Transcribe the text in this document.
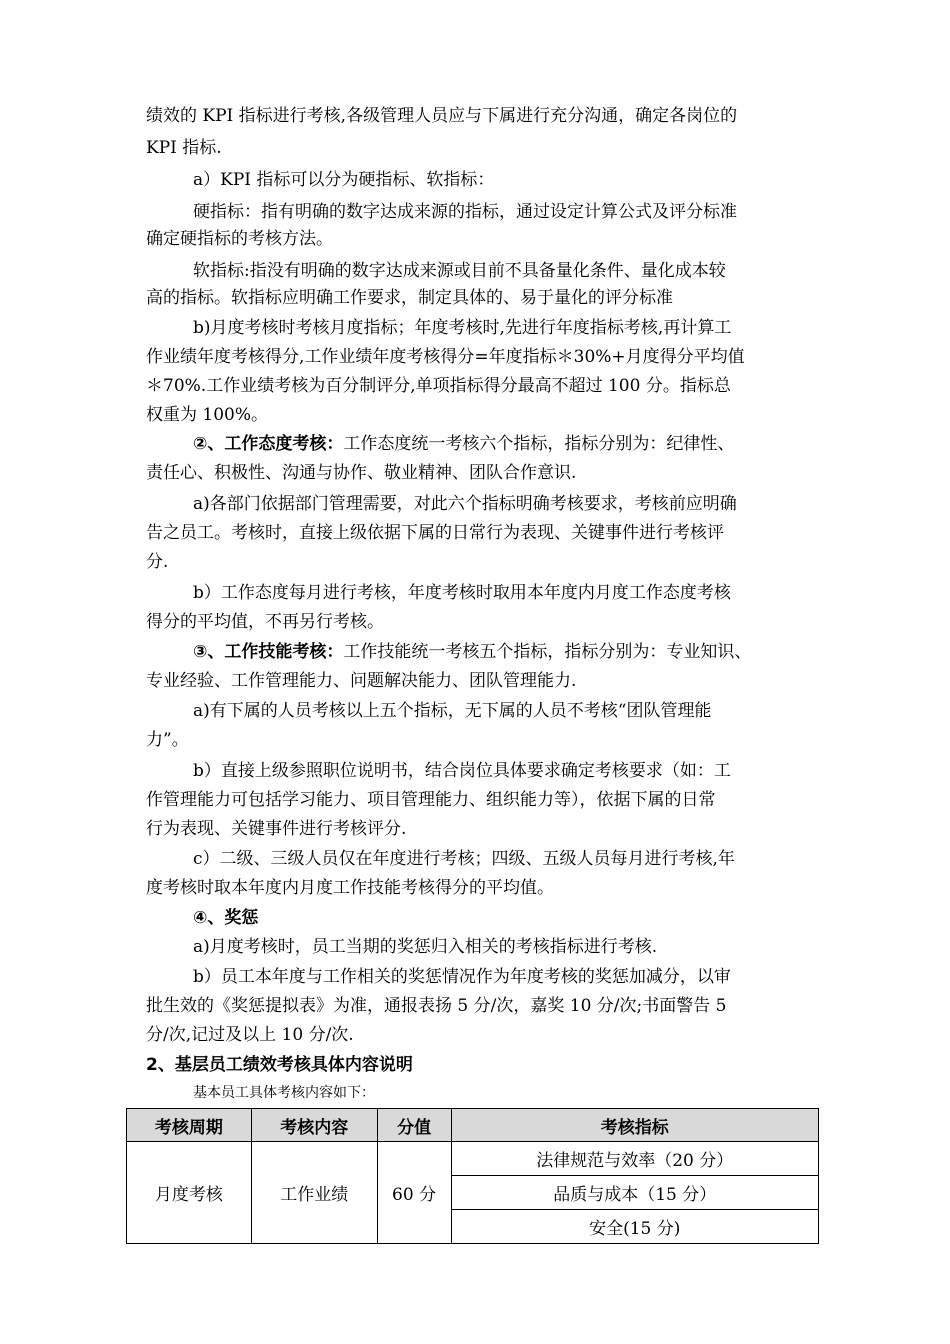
绩效的 KPI 指标进行考核,各级管理人员应与下属进行充分沟通，确定各岗位的
KPI 指标.
a）KPI 指标可以分为硬指标、软指标：
硬指标：指有明确的数字达成来源的指标，通过设定计算公式及评分标准
确定硬指标的考核方法。
软指标:指没有明确的数字达成来源或目前不具备量化条件、量化成本较
高的指标。软指标应明确工作要求，制定具体的、易于量化的评分标准
b)月度考核时考核月度指标；年度考核时,先进行年度指标考核,再计算工
作业绩年度考核得分,工作业绩年度考核得分=年度指标＊30%+月度得分平均值
＊70%.工作业绩考核为百分制评分,单项指标得分最高不超过 100 分。指标总
权重为 100%。
②、工作态度考核：工作态度统一考核六个指标，指标分别为：纪律性、
责任心、积极性、沟通与协作、敬业精神、团队合作意识.
a)各部门依据部门管理需要，对此六个指标明确考核要求，考核前应明确
告之员工。考核时，直接上级依据下属的日常行为表现、关键事件进行考核评
分.
b）工作态度每月进行考核，年度考核时取用本年度内月度工作态度考核
得分的平均值，不再另行考核。
③、工作技能考核：工作技能统一考核五个指标，指标分别为：专业知识、
专业经验、工作管理能力、问题解决能力、团队管理能力.
a)有下属的人员考核以上五个指标，无下属的人员不考核“团队管理能
力”。
b）直接上级参照职位说明书，结合岗位具体要求确定考核要求（如：工
作管理能力可包括学习能力、项目管理能力、组织能力等），依据下属的日常
行为表现、关键事件进行考核评分.
c）二级、三级人员仅在年度进行考核；四级、五级人员每月进行考核,年
度考核时取本年度内月度工作技能考核得分的平均值。
④、奖惩
a)月度考核时，员工当期的奖惩归入相关的考核指标进行考核.
b）员工本年度与工作相关的奖惩情况作为年度考核的奖惩加减分，以审
批生效的《奖惩提拟表》为准，通报表扬 5 分/次，嘉奖 10 分/次;书面警告 5
分/次,记过及以上 10 分/次.
2、基层员工绩效考核具体内容说明
基本员工具体考核内容如下：
考核周期	考核内容	分值	考核指标
月度考核	工作业绩	60 分	法律规范与效率（20 分）
			品质与成本（15 分）
			安全(15 分)
